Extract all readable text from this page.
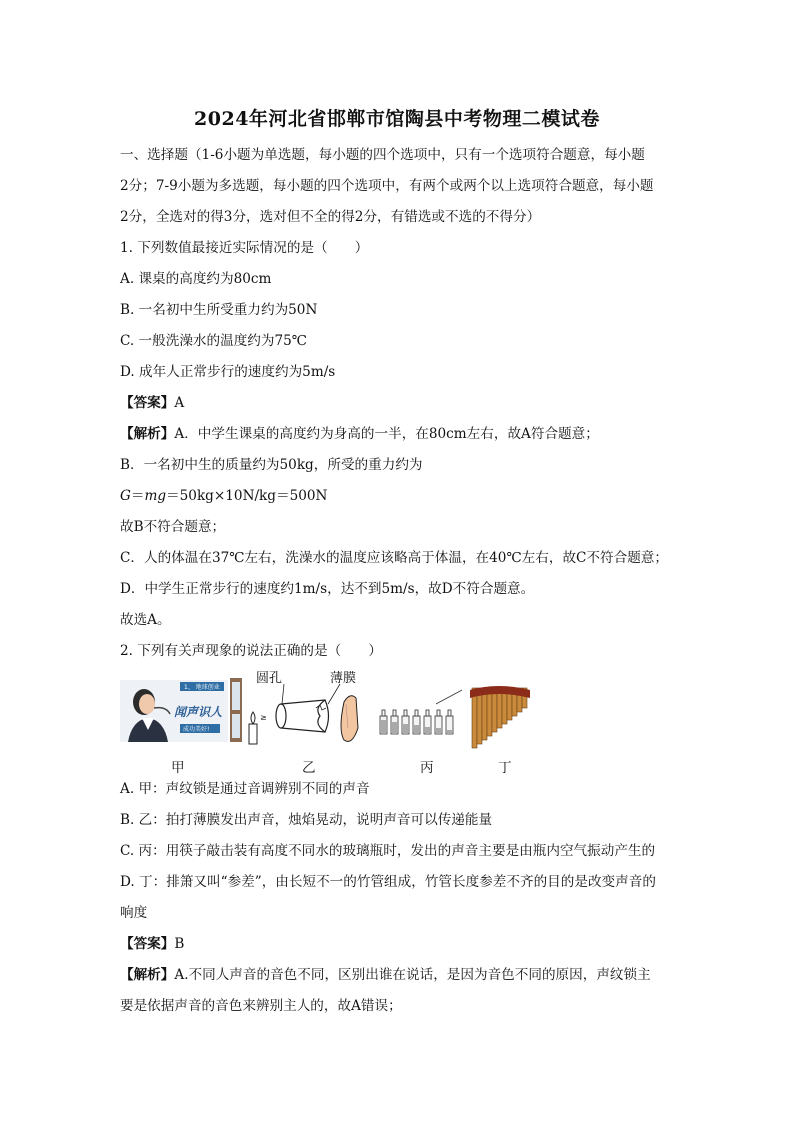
2024年河北省邯郸市馆陶县中考物理二模试卷
一、选择题（1-6小题为单选题，每小题的四个选项中，只有一个选项符合题意，每小题
2分；7-9小题为多选题，每小题的四个选项中，有两个或两个以上选项符合题意，每小题
2分，全选对的得3分，选对但不全的得2分，有错选或不选的不得分）
1. 下列数值最接近实际情况的是（　　）
A. 课桌的高度约为80cm
B. 一名初中生所受重力约为50N
C. 一般洗澡水的温度约为75℃
D. 成年人正常步行的速度约为5m/s
【答案】A
【解析】A．中学生课桌的高度约为身高的一半，在80cm左右，故A符合题意；
B．一名初中生的质量约为50kg，所受的重力约为
G＝mg＝50kg×10N/kg＝500N
故B不符合题意；
C．人的体温在37℃左右，洗澡水的温度应该略高于体温，在40℃左右，故C不符合题意；
D．中学生正常步行的速度约1m/s，达不到5m/s，故D不符合题意。
故选A。
2. 下列有关声现象的说法正确的是（　　）
1、 地球创业
闻声识人
成功美好!
≥
圆孔	薄膜
甲	乙	丙	丁
A. 甲：声纹锁是通过音调辨别不同的声音
B. 乙：拍打薄膜发出声音，烛焰晃动，说明声音可以传递能量
C. 丙：用筷子敲击装有高度不同水的玻璃瓶时，发出的声音主要是由瓶内空气振动产生的
D. 丁：排箫又叫“参差”，由长短不一的竹管组成，竹管长度参差不齐的目的是改变声音的
响度
【答案】B
【解析】A.不同人声音的音色不同，区别出谁在说话，是因为音色不同的原因，声纹锁主
要是依据声音的音色来辨别主人的，故A错误；
